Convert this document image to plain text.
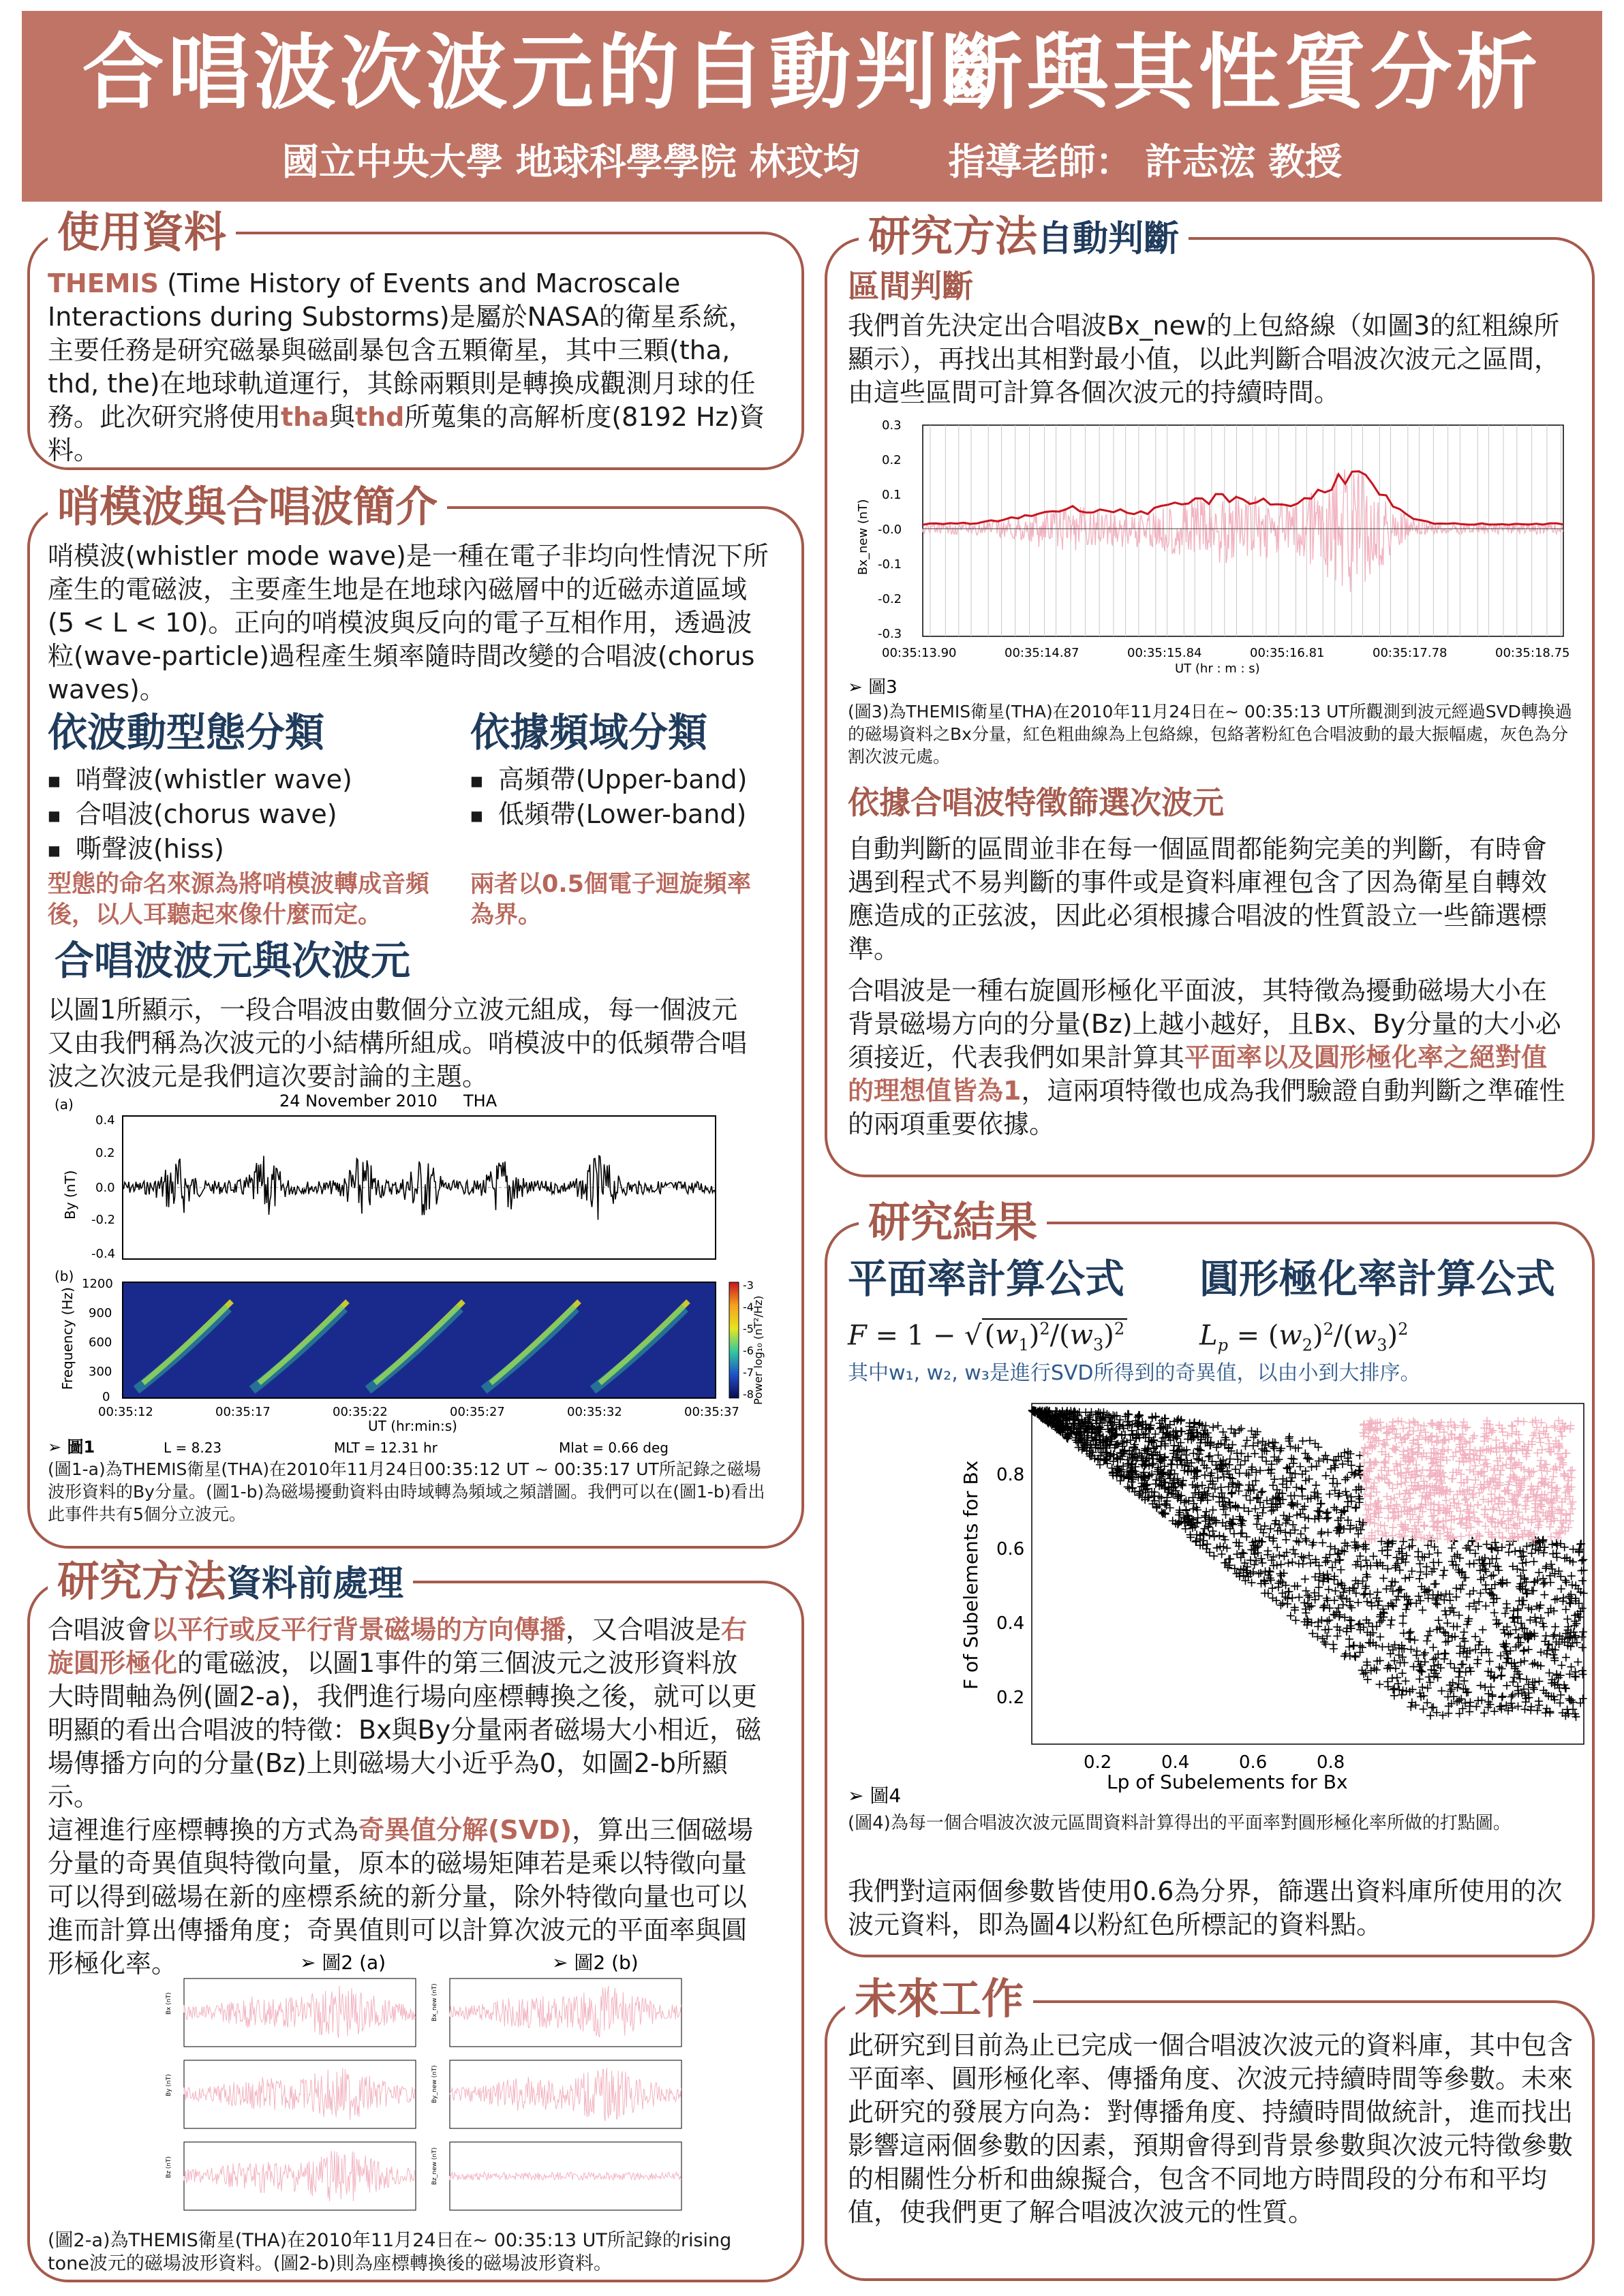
合唱波次波元的自動判斷與其性質分析
國立中央大學 地球科學學院 林玟均 指導老師： 許志浤 教授
使用資料
THEMIS (Time History of Events and Macroscale Interactions during Substorms)是屬於NASA的衛星系統，主要任務是研究磁暴與磁副暴包含五顆衛星，其中三顆(tha, thd, the)在地球軌道運行，其餘兩顆則是轉換成觀測月球的任務。此次研究將使用tha與thd所蒐集的高解析度(8192 Hz)資料。
哨模波與合唱波簡介
哨模波(whistler mode wave)是一種在電子非均向性情況下所產生的電磁波，主要產生地是在地球內磁層中的近磁赤道區域(5 < L < 10)。正向的哨模波與反向的電子互相作用，透過波粒(wave-particle)過程產生頻率隨時間改變的合唱波(chorus waves)。
依波動型態分類
■ 哨聲波(whistler wave)
■ 合唱波(chorus wave)
■ 嘶聲波(hiss)
型態的命名來源為將哨模波轉成音頻後，以人耳聽起來像什麼而定。
依據頻域分類
■ 高頻帶(Upper-band)
■ 低頻帶(Lower-band)
兩者以0.5個電子迴旋頻率為界。
合唱波波元與次波元
以圖1所顯示，一段合唱波由數個分立波元組成，每一個波元又由我們稱為次波元的小結構所組成。哨模波中的低頻帶合唱波之次波元是我們這次要討論的主題。
(a)	24 November 2010 THA
0.4
0.2
0.0
-0.2
-0.4
By (nT)
(b) 1200
900
600
300
0
Frequency (Hz)
-3
-4
-5
-6
-7
-8
Power log₁₀ (nT²/Hz)
00:35:12	00:35:17	00:35:22	00:35:27	00:35:32	00:35:37
UT (hr:min:s)
➢ 圖1	L = 8.23	MLT = 12.31 hr	Mlat = 0.66 deg
(圖1-a)為THEMIS衛星(THA)在2010年11月24日00:35:12 UT ~ 00:35:17 UT所記錄之磁場波形資料的By分量。(圖1-b)為磁場擾動資料由時域轉為頻域之頻譜圖。我們可以在(圖1-b)看出此事件共有5個分立波元。
研究方法資料前處理
合唱波會以平行或反平行背景磁場的方向傳播，又合唱波是右旋圓形極化的電磁波，以圖1事件的第三個波元之波形資料放大時間軸為例(圖2-a)，我們進行場向座標轉換之後，就可以更明顯的看出合唱波的特徵：Bx與By分量兩者磁場大小相近，磁場傳播方向的分量(Bz)上則磁場大小近乎為0，如圖2-b所顯示。
這裡進行座標轉換的方式為奇異值分解(SVD)，算出三個磁場分量的奇異值與特徵向量，原本的磁場矩陣若是乘以特徵向量可以得到磁場在新的座標系統的新分量，除外特徵向量也可以進而計算出傳播角度；奇異值則可以計算次波元的平面率與圓形極化率。	➢ 圖2 (a)	➢ 圖2 (b)
Bx (nT)
By (nT)
Bz (nT)
Bx_new (nT)
By_new (nT)
Bz_new (nT)
(圖2-a)為THEMIS衛星(THA)在2010年11月24日在~ 00:35:13 UT所記錄的rising tone波元的磁場波形資料。(圖2-b)則為座標轉換後的磁場波形資料。
研究方法自動判斷
區間判斷
我們首先決定出合唱波Bx_new的上包絡線（如圖3的紅粗線所顯示），再找出其相對最小值，以此判斷合唱波次波元之區間，由這些區間可計算各個次波元的持續時間。
0.3
0.2
0.1
-0.0
-0.1
-0.2
-0.3
Bx_new (nT)
00:35:13.90	00:35:14.87	00:35:15.84	00:35:16.81	00:35:17.78	00:35:18.75
UT (hr : m : s)
➢ 圖3
(圖3)為THEMIS衛星(THA)在2010年11月24日在~ 00:35:13 UT所觀測到波元經過SVD轉換過的磁場資料之Bx分量，紅色粗曲線為上包絡線，包絡著粉紅色合唱波動的最大振幅處，灰色為分割次波元處。
依據合唱波特徵篩選次波元
自動判斷的區間並非在每一個區間都能夠完美的判斷，有時會遇到程式不易判斷的事件或是資料庫裡包含了因為衛星自轉效應造成的正弦波，因此必須根據合唱波的性質設立一些篩選標準。
合唱波是一種右旋圓形極化平面波，其特徵為擾動磁場大小在背景磁場方向的分量(Bz)上越小越好，且Bx、By分量的大小必須接近，代表我們如果計算其平面率以及圓形極化率之絕對值的理想值皆為1，這兩項特徵也成為我們驗證自動判斷之準確性的兩項重要依據。
研究結果
平面率計算公式 圓形極化率計算公式
F = 1 − √ $(w_1)^2/(w_3)^2$	$L_p = (w_2)^2/(w_3)^2$
其中w₁, w₂, w₃是進行SVD所得到的奇異值，以由小到大排序。
0.8
0.6
0.4
0.2
F of Subelements for Bx
0.2	0.4	0.6	0.8
Lp of Subelements for Bx
➢ 圖4
(圖4)為每一個合唱波次波元區間資料計算得出的平面率對圓形極化率所做的打點圖。
我們對這兩個參數皆使用0.6為分界，篩選出資料庫所使用的次波元資料，即為圖4以粉紅色所標記的資料點。
未來工作
此研究到目前為止已完成一個合唱波次波元的資料庫，其中包含平面率、圓形極化率、傳播角度、次波元持續時間等參數。未來此研究的發展方向為：對傳播角度、持續時間做統計，進而找出影響這兩個參數的因素，預期會得到背景參數與次波元特徵參數的相關性分析和曲線擬合，包含不同地方時間段的分布和平均值，使我們更了解合唱波次波元的性質。
